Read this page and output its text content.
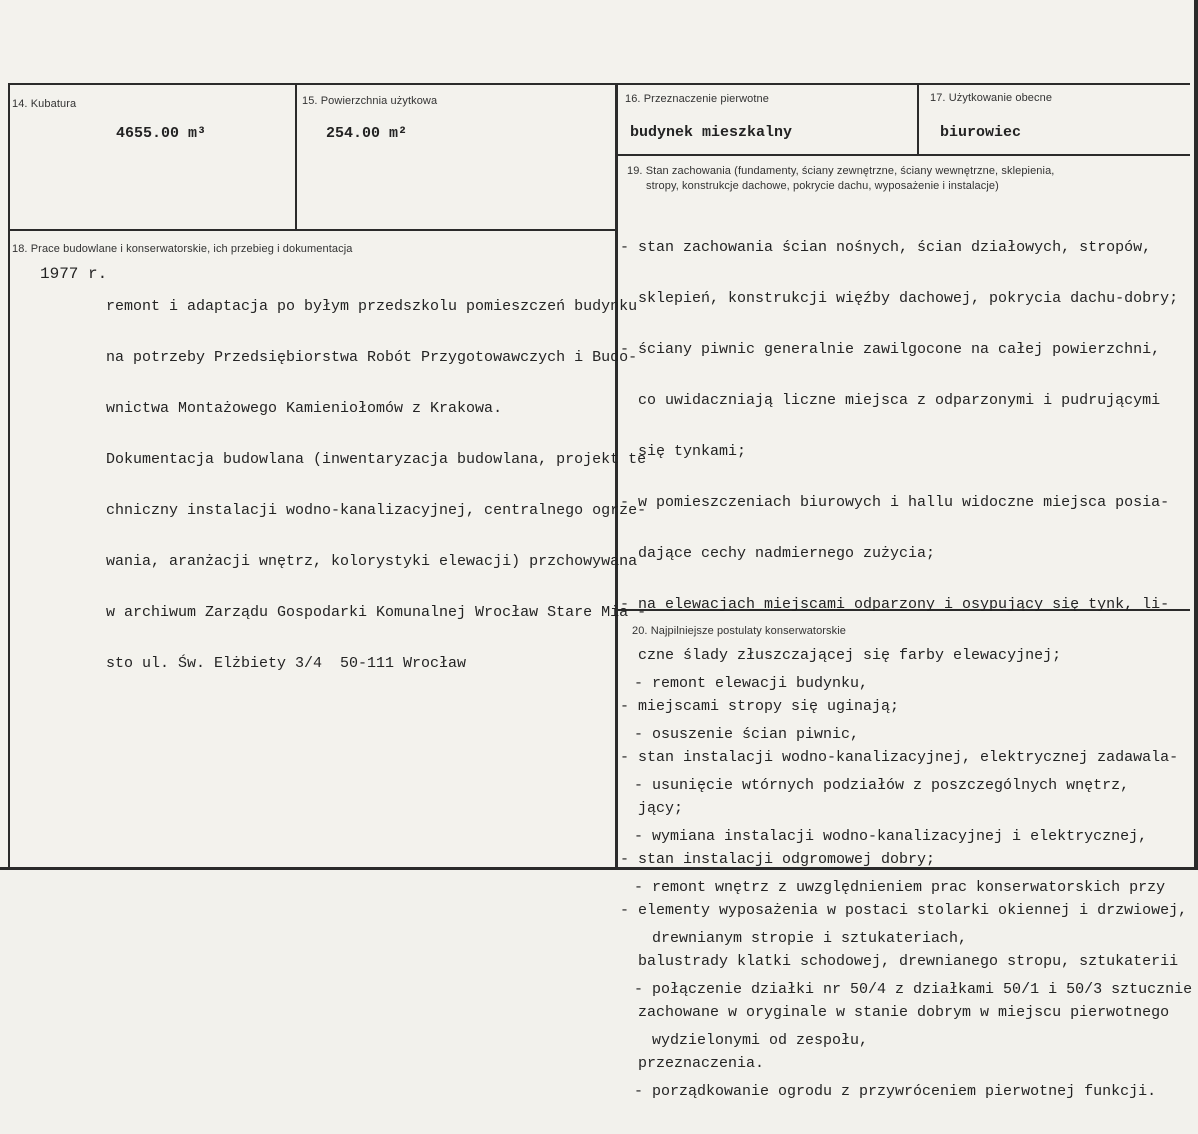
14. Kubatura
4655.00 m³
15. Powierzchnia użytkowa
254.00 m²
16. Przeznaczenie pierwotne
budynek mieszkalny
17. Użytkowanie obecne
biurowiec
18. Prace budowlane i konserwatorskie, ich przebieg i dokumentacja
1977 r.

remont i adaptacja po byłym przedszkolu pomieszczeń budynku

na potrzeby Przedsiębiorstwa Robót Przygotowawczych i Budo-

wnictwa Montażowego Kamieniołomów z Krakowa.

Dokumentacja budowlana (inwentaryzacja budowlana, projekt te

chniczny instalacji wodno-kanalizacyjnej, centralnego ogrze-

wania, aranżacji wnętrz, kolorystyki elewacji) przchowywana

w archiwum Zarządu Gospodarki Komunalnej Wrocław Stare Mia -

sto ul. Św. Elżbiety 3/4  50-111 Wrocław

19. Stan zachowania (fundamenty, ściany zewnętrzne, ściany wewnętrzne, sklepienia,
stropy, konstrukcje dachowe, pokrycie dachu, wyposażenie i instalacje)

- stan zachowania ścian nośnych, ścian działowych, stropów,

sklepień, konstrukcji więźby dachowej, pokrycia dachu-dobry;

- ściany piwnic generalnie zawilgocone na całej powierzchni,

co uwidaczniają liczne miejsca z odparzonymi i pudrującymi

się tynkami;

- w pomieszczeniach biurowych i hallu widoczne miejsca posia-

dające cechy nadmiernego zużycia;

- na elewacjach miejscami odparzony i osypujący się tynk, li-

czne ślady złuszczającej się farby elewacyjnej;

- miejscami stropy się uginają;

- stan instalacji wodno-kanalizacyjnej, elektrycznej zadawala-

jący;

- stan instalacji odgromowej dobry;

- elementy wyposażenia w postaci stolarki okiennej i drzwiowej,

balustrady klatki schodowej, drewnianego stropu, sztukaterii

zachowane w oryginale w stanie dobrym w miejscu pierwotnego

przeznaczenia.

20. Najpilniejsze postulaty konserwatorskie

- remont elewacji budynku,

- osuszenie ścian piwnic,

- usunięcie wtórnych podziałów z poszczególnych wnętrz,

- wymiana instalacji wodno-kanalizacyjnej i elektrycznej,

- remont wnętrz z uwzględnieniem prac konserwatorskich przy

drewnianym stropie i sztukateriach,

- połączenie działki nr 50/4 z działkami 50/1 i 50/3 sztucznie

wydzielonymi od zespołu,

- porządkowanie ogrodu z przywróceniem pierwotnej funkcji.
